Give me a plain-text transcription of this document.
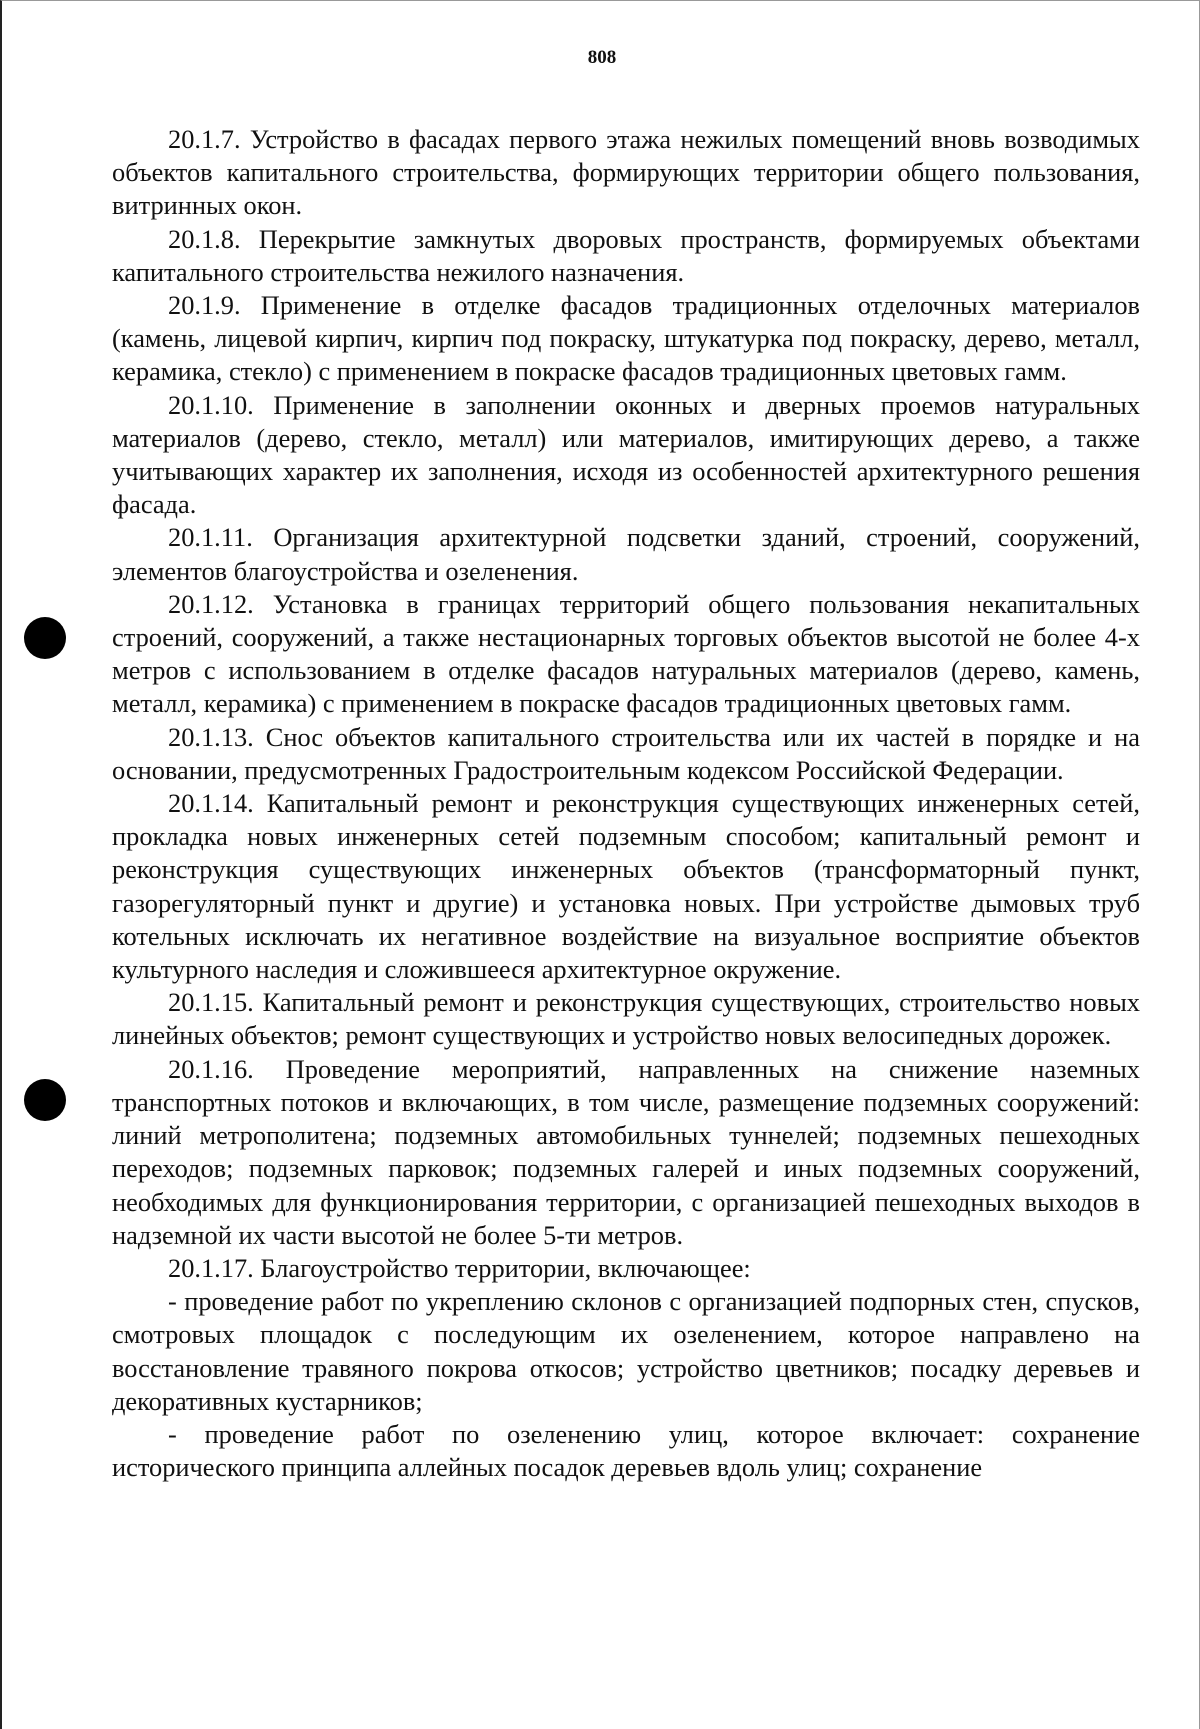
808

20.1.7. Устройство в фасадах первого этажа нежилых помещений вновь возводимых объектов капитального строительства, формирующих территории общего пользования, витринных окон.

20.1.8. Перекрытие замкнутых дворовых пространств, формируемых объектами капитального строительства нежилого назначения.

20.1.9. Применение в отделке фасадов традиционных отделочных материалов (камень, лицевой кирпич, кирпич под покраску, штукатурка под покраску, дерево, металл, керамика, стекло) с применением в покраске фасадов традиционных цветовых гамм.

20.1.10. Применение в заполнении оконных и дверных проемов натуральных материалов (дерево, стекло, металл) или материалов, имитирующих дерево, а также учитывающих характер их заполнения, исходя из особенностей архитектурного решения фасада.

20.1.11. Организация архитектурной подсветки зданий, строений, сооружений, элементов благоустройства и озеленения.

20.1.12. Установка в границах территорий общего пользования некапитальных строений, сооружений, а также нестационарных торговых объектов высотой не более 4-х метров с использованием в отделке фасадов натуральных материалов (дерево, камень, металл, керамика) с применением в покраске фасадов традиционных цветовых гамм.

20.1.13. Снос объектов капитального строительства или их частей в порядке и на основании, предусмотренных Градостроительным кодексом Российской Федерации.

20.1.14. Капитальный ремонт и реконструкция существующих инженерных сетей, прокладка новых инженерных сетей подземным способом; капитальный ремонт и реконструкция существующих инженерных объектов (трансформаторный пункт, газорегуляторный пункт и другие) и установка новых. При устройстве дымовых труб котельных исключать их негативное воздействие на визуальное восприятие объектов культурного наследия и сложившееся архитектурное окружение.

20.1.15. Капитальный ремонт и реконструкция существующих, строительство новых линейных объектов; ремонт существующих и устройство новых велосипедных дорожек.

20.1.16. Проведение мероприятий, направленных на снижение наземных транспортных потоков и включающих, в том числе, размещение подземных сооружений: линий метрополитена; подземных автомобильных туннелей; подземных пешеходных переходов; подземных парковок; подземных галерей и иных подземных сооружений, необходимых для функционирования территории, с организацией пешеходных выходов в надземной их части высотой не более 5-ти метров.

20.1.17. Благоустройство территории, включающее:

- проведение работ по укреплению склонов с организацией подпорных стен, спусков, смотровых площадок с последующим их озеленением, которое направлено на восстановление травяного покрова откосов; устройство цветников; посадку деревьев и декоративных кустарников;

- проведение работ по озеленению улиц, которое включает: сохранение исторического принципа аллейных посадок деревьев вдоль улиц; сохранение
